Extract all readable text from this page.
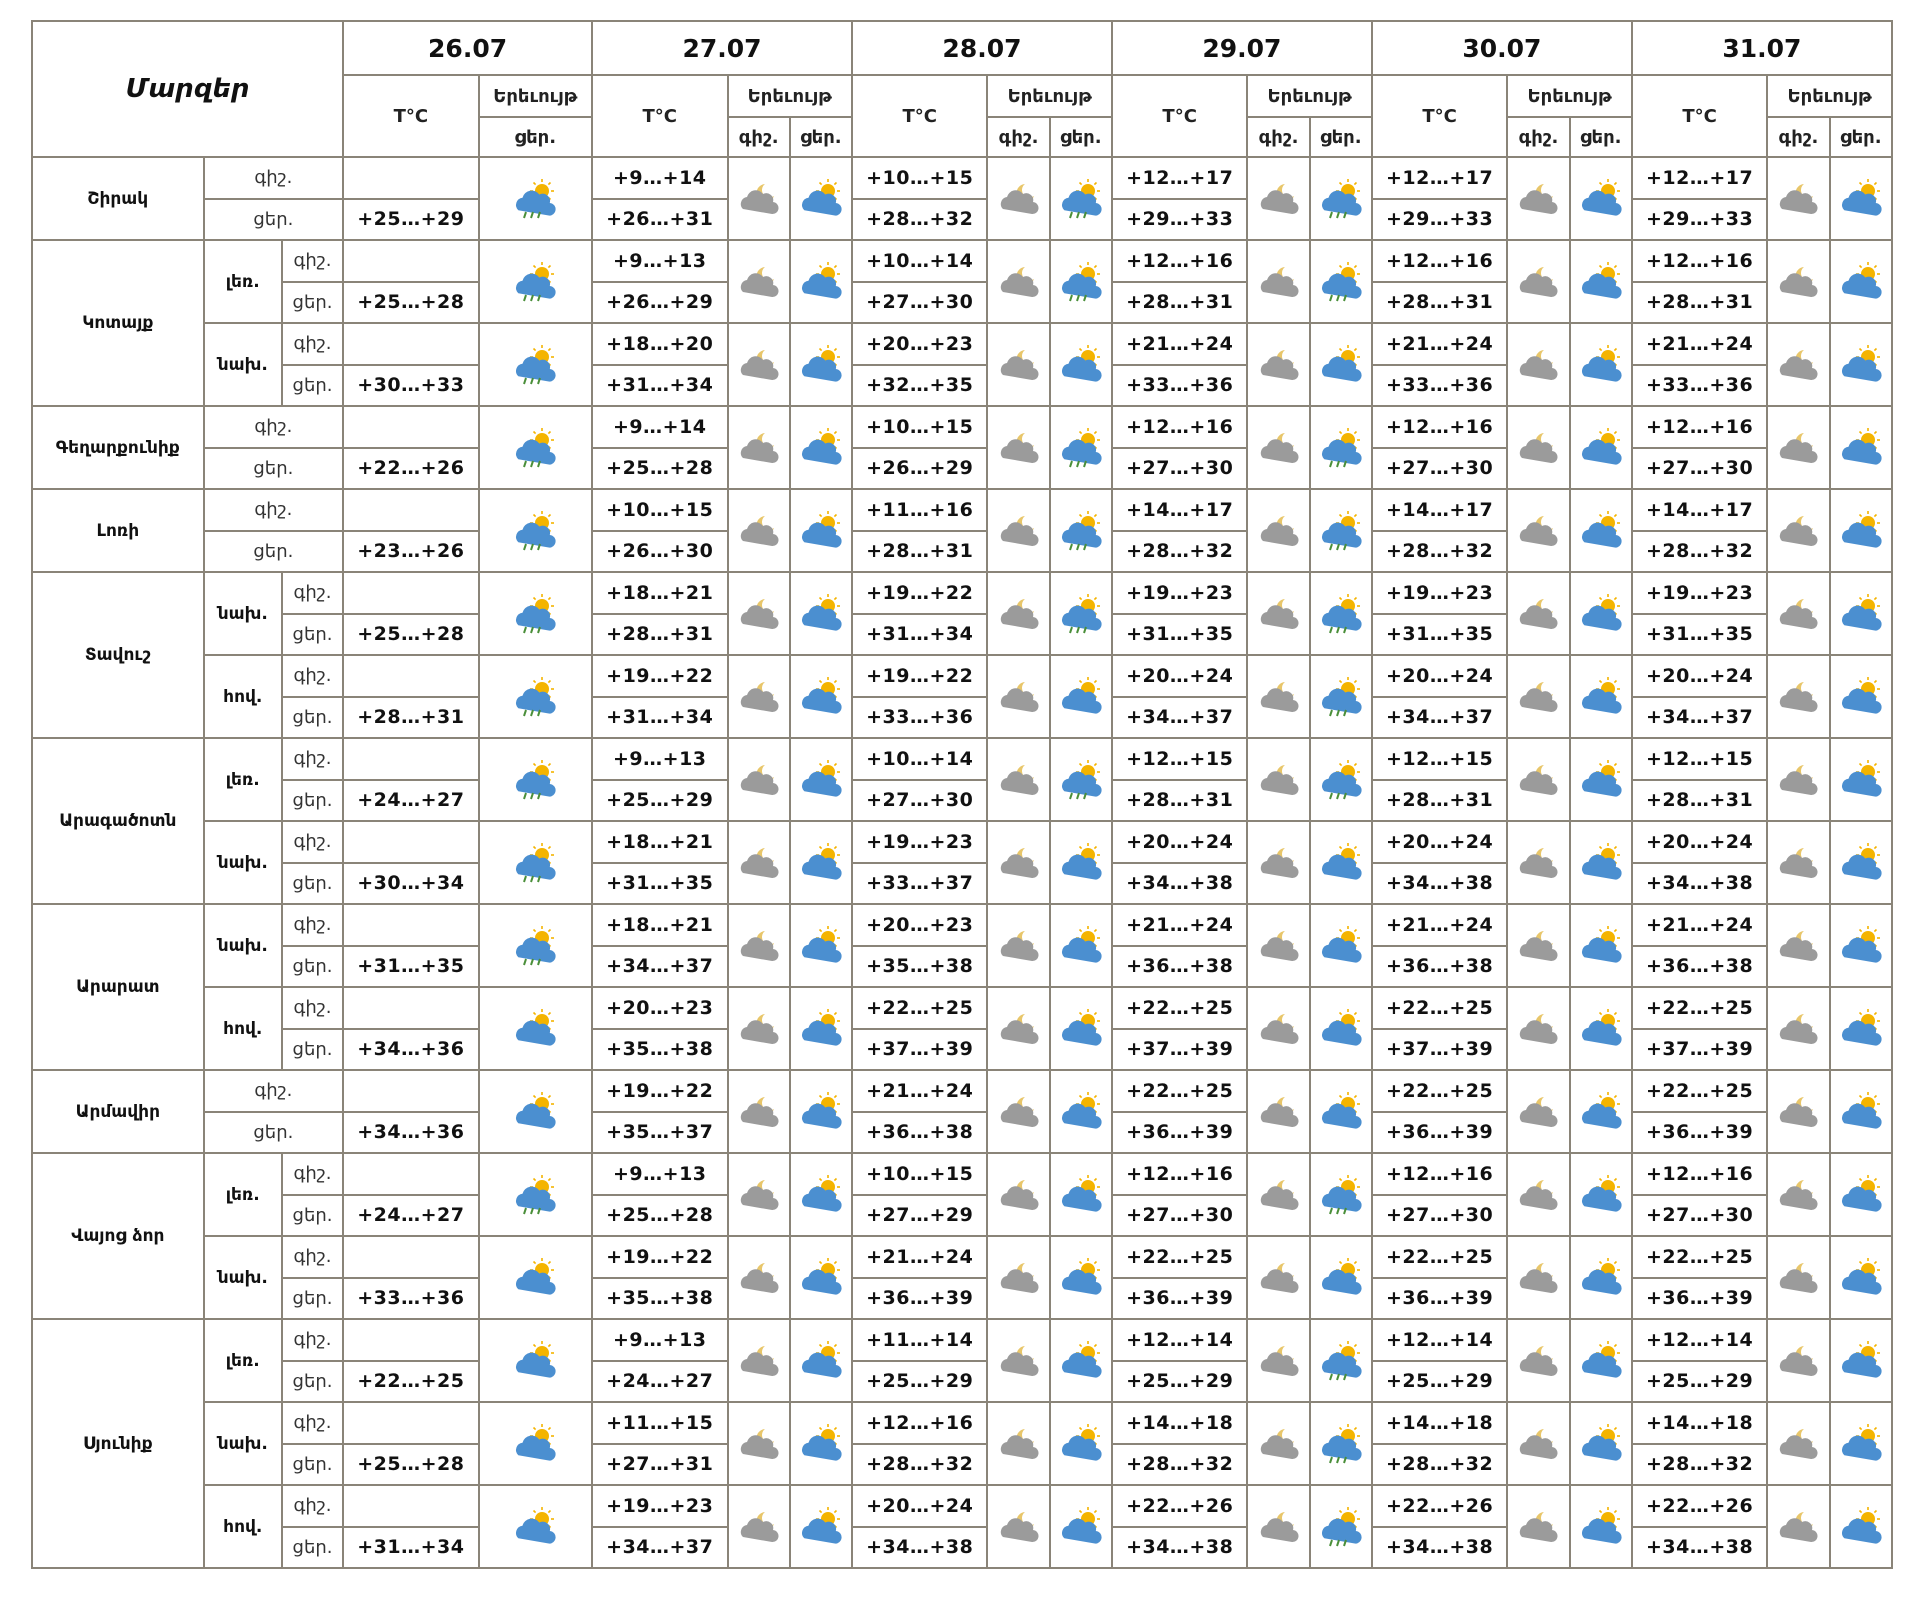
Մարզեր			26.07		27.07			28.07			29.07			30.07			31.07		
			T°C	Երեւույթ	T°C	Երեւույթ		T°C	Երեւույթ		T°C	Երեւույթ		T°C	Երեւույթ		T°C	Երեւույթ	
				ցեր.		գիշ.	ցեր.		գիշ.	ցեր.		գիշ.	ցեր.		գիշ.	ցեր.		գիշ.	ցեր.
Շիրակ	գիշ.				+9…+14			+10…+15			+12…+17			+12…+17			+12…+17	

	ցեր.		+25…+29		+26…+31			+28…+32			+29…+33			+29…+33			+29…+33		
Կոտայք	լեռ.	գիշ.			+9…+13			+10…+14			+12…+16			+12…+16			+12…+16	

		ցեր.	+25…+28		+26…+29			+27…+30			+28…+31			+28…+31			+28…+31		
	նախ.	գիշ.			+18…+20			+20…+23			+21…+24			+21…+24			+21…+24	

		ցեր.	+30…+33		+31…+34			+32…+35			+33…+36			+33…+36			+33…+36		
Գեղարքունիք	գիշ.				+9…+14			+10…+15			+12…+16			+12…+16			+12…+16	

	ցեր.		+22…+26		+25…+28			+26…+29			+27…+30			+27…+30			+27…+30		
Լոռի	գիշ.				+10…+15			+11…+16			+14…+17			+14…+17			+14…+17	

	ցեր.		+23…+26		+26…+30			+28…+31			+28…+32			+28…+32			+28…+32		
Տավուշ	նախ.	գիշ.			+18…+21			+19…+22			+19…+23			+19…+23			+19…+23	

		ցեր.	+25…+28		+28…+31			+31…+34			+31…+35			+31…+35			+31…+35		
	հով.	գիշ.			+19…+22			+19…+22			+20…+24			+20…+24			+20…+24	

		ցեր.	+28…+31		+31…+34			+33…+36			+34…+37			+34…+37			+34…+37		
Արագածոտն	լեռ.	գիշ.			+9…+13			+10…+14			+12…+15			+12…+15			+12…+15	

		ցեր.	+24…+27		+25…+29			+27…+30			+28…+31			+28…+31			+28…+31		
	նախ.	գիշ.			+18…+21			+19…+23			+20…+24			+20…+24			+20…+24	

		ցեր.	+30…+34		+31…+35			+33…+37			+34…+38			+34…+38			+34…+38		
Արարատ	նախ.	գիշ.			+18…+21			+20…+23			+21…+24			+21…+24			+21…+24	

		ցեր.	+31…+35		+34…+37			+35…+38			+36…+38			+36…+38			+36…+38		
	հով.	գիշ.			+20…+23			+22…+25			+22…+25			+22…+25			+22…+25	

		ցեր.	+34…+36		+35…+38			+37…+39			+37…+39			+37…+39			+37…+39		
Արմավիր	գիշ.				+19…+22			+21…+24			+22…+25			+22…+25			+22…+25	

	ցեր.		+34…+36		+35…+37			+36…+38			+36…+39			+36…+39			+36…+39		
Վայոց ձոր	լեռ.	գիշ.			+9…+13			+10…+15			+12…+16			+12…+16			+12…+16	

		ցեր.	+24…+27		+25…+28			+27…+29			+27…+30			+27…+30			+27…+30		
	նախ.	գիշ.			+19…+22			+21…+24			+22…+25			+22…+25			+22…+25	

		ցեր.	+33…+36		+35…+38			+36…+39			+36…+39			+36…+39			+36…+39		
Սյունիք	լեռ.	գիշ.			+9…+13			+11…+14			+12…+14			+12…+14			+12…+14	

		ցեր.	+22…+25		+24…+27			+25…+29			+25…+29			+25…+29			+25…+29		
	նախ.	գիշ.			+11…+15			+12…+16			+14…+18			+14…+18			+14…+18	

		ցեր.	+25…+28		+27…+31			+28…+32			+28…+32			+28…+32			+28…+32		
	հով.	գիշ.			+19…+23			+20…+24			+22…+26			+22…+26			+22…+26	

		ցեր.	+31…+34		+34…+37			+34…+38			+34…+38			+34…+38			+34…+38		
